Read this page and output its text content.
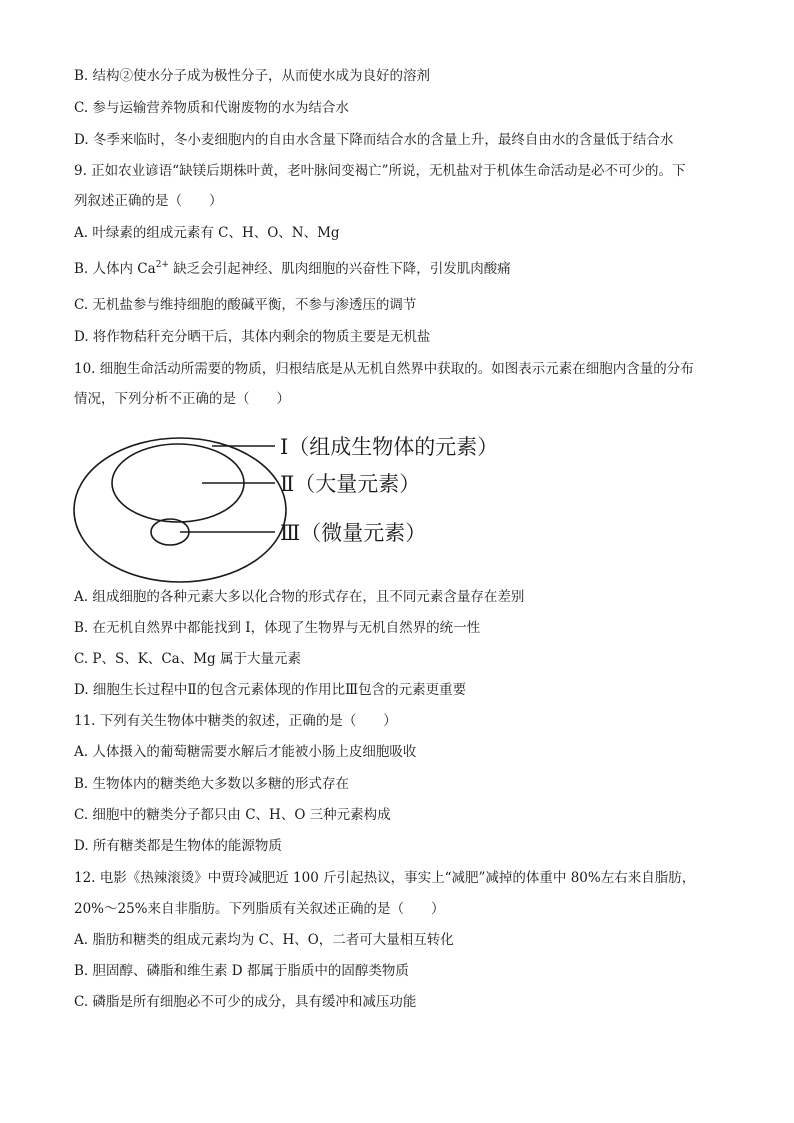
B. 结构②使水分子成为极性分子，从而使水成为良好的溶剂
C. 参与运输营养物质和代谢废物的水为结合水
D. 冬季来临时，冬小麦细胞内的自由水含量下降而结合水的含量上升，最终自由水的含量低于结合水
9. 正如农业谚语“缺镁后期株叶黄，老叶脉间变褐亡”所说，无机盐对于机体生命活动是必不可少的。下
列叙述正确的是（　　）
A. 叶绿素的组成元素有 C、H、O、N、Mg
B. 人体内 $Ca^{2+}$ 缺乏会引起神经、肌肉细胞的兴奋性下降，引发肌肉酸痛
C. 无机盐参与维持细胞的酸碱平衡，不参与渗透压的调节
D. 将作物秸秆充分晒干后，其体内剩余的物质主要是无机盐
10. 细胞生命活动所需要的物质，归根结底是从无机自然界中获取的。如图表示元素在细胞内含量的分布
情况，下列分析不正确的是（　　）
Ⅰ（组成生物体的元素）
Ⅱ（大量元素）
Ⅲ（微量元素）
A. 组成细胞的各种元素大多以化合物的形式存在，且不同元素含量存在差别
B. 在无机自然界中都能找到 I，体现了生物界与无机自然界的统一性
C. P、S、K、Ca、Mg 属于大量元素
D. 细胞生长过程中Ⅱ的包含元素体现的作用比Ⅲ包含的元素更重要
11. 下列有关生物体中糖类的叙述，正确的是（　　）
A. 人体摄入的葡萄糖需要水解后才能被小肠上皮细胞吸收
B. 生物体内的糖类绝大多数以多糖的形式存在
C. 细胞中的糖类分子都只由 C、H、O 三种元素构成
D. 所有糖类都是生物体的能源物质
12. 电影《热辣滚烫》中贾玲减肥近 100 斤引起热议，事实上“减肥”减掉的体重中 80%左右来自脂肪，
20%～25%来自非脂肪。下列脂质有关叙述正确的是（　　）
A. 脂肪和糖类的组成元素均为 C、H、O，二者可大量相互转化
B. 胆固醇、磷脂和维生素 D 都属于脂质中的固醇类物质
C. 磷脂是所有细胞必不可少的成分，具有缓冲和减压功能
